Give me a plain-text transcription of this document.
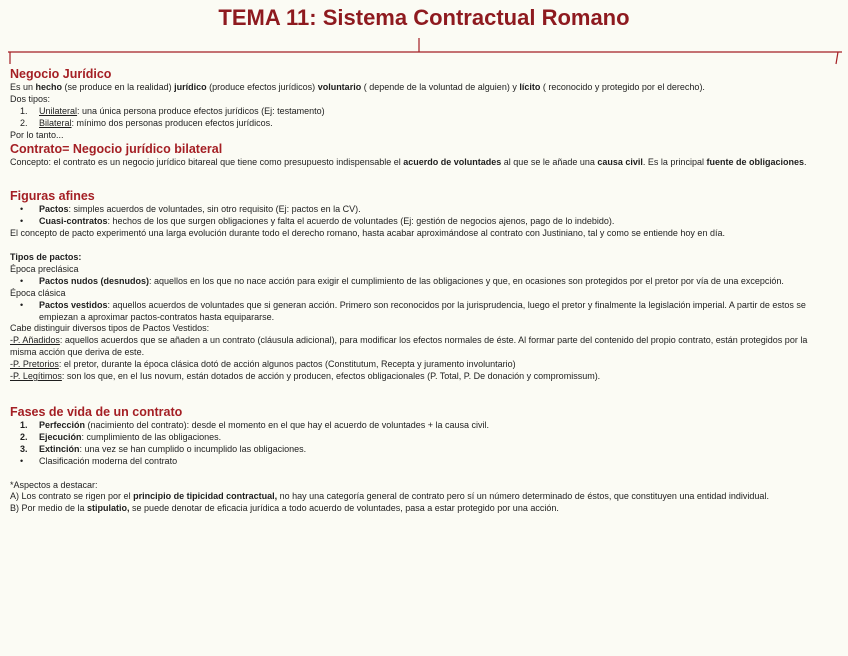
TEMA 11: Sistema Contractual Romano
Negocio Jurídico

Es un hecho (se produce en la realidad) jurídico (produce efectos jurídicos) voluntario ( depende de la voluntad de alguien) y lícito ( reconocido y protegido por el derecho).

Dos tipos:

1. Unilateral: una única persona produce efectos jurídicos (Ej: testamento)
2. Bilateral: mínimo dos personas producen efectos jurídicos.

Por lo tanto...

Contrato= Negocio jurídico bilateral

Concepto: el contrato es un negocio jurídico bitareal que tiene como presupuesto indispensable el acuerdo de voluntades al que se le añade una causa civil. Es la principal fuente de obligaciones.

Figuras afines
• Pactos: simples acuerdos de voluntades, sin otro requisito (Ej: pactos en la CV).
• Cuasi-contratos: hechos de los que surgen obligaciones y falta el acuerdo de voluntades (Ej: gestión de negocios ajenos, pago de lo indebido).

El concepto de pacto experimentó una larga evolución durante todo el derecho romano, hasta acabar aproximándose al contrato con Justiniano, tal y como se entiende hoy en día.

Tipos de pactos:

Época preclásica

• Pactos nudos (desnudos): aquellos en los que no nace acción para exigir el cumplimiento de las obligaciones y que, en ocasiones son protegidos por el pretor por vía de una excepción.

Época clásica

• Pactos vestidos: aquellos acuerdos de voluntades que si generan acción. Primero son reconocidos por la jurisprudencia, luego el pretor y finalmente la legislación imperial. A partir de estos se empiezan a aproximar pactos-contratos hasta equipararse.

Cabe distinguir diversos tipos de Pactos Vestidos:

-P. Añadidos: aquellos acuerdos que se añaden a un contrato (cláusula adicional), para modificar los efectos normales de éste. Al formar parte del contenido del propio contrato, están protegidos por la misma acción que deriva de este.

-P. Pretorios: el pretor, durante la época clásica dotó de acción algunos pactos (Constitutum, Recepta y juramento involuntario)

-P. Legítimos: son los que, en el Ius novum, están dotados de acción y producen, efectos obligacionales (P. Total, P. De donación y compromissum).

Fases de vida de un contrato
1. Perfección (nacimiento del contrato): desde el momento en el que hay el acuerdo de voluntades + la causa civil.
2. Ejecución: cumplimiento de las obligaciones.
3. Extinción: una vez se han cumplido o incumplido las obligaciones.
• Clasificación moderna del contrato

*Aspectos a destacar:

A) Los contrato se rigen por el principio de tipicidad contractual, no hay una categoría general de contrato pero sí un número determinado de éstos, que constituyen una entidad individual.

B) Por medio de la stipulatio, se puede denotar de eficacia jurídica a todo acuerdo de voluntades, pasa a estar protegido por una acción.
